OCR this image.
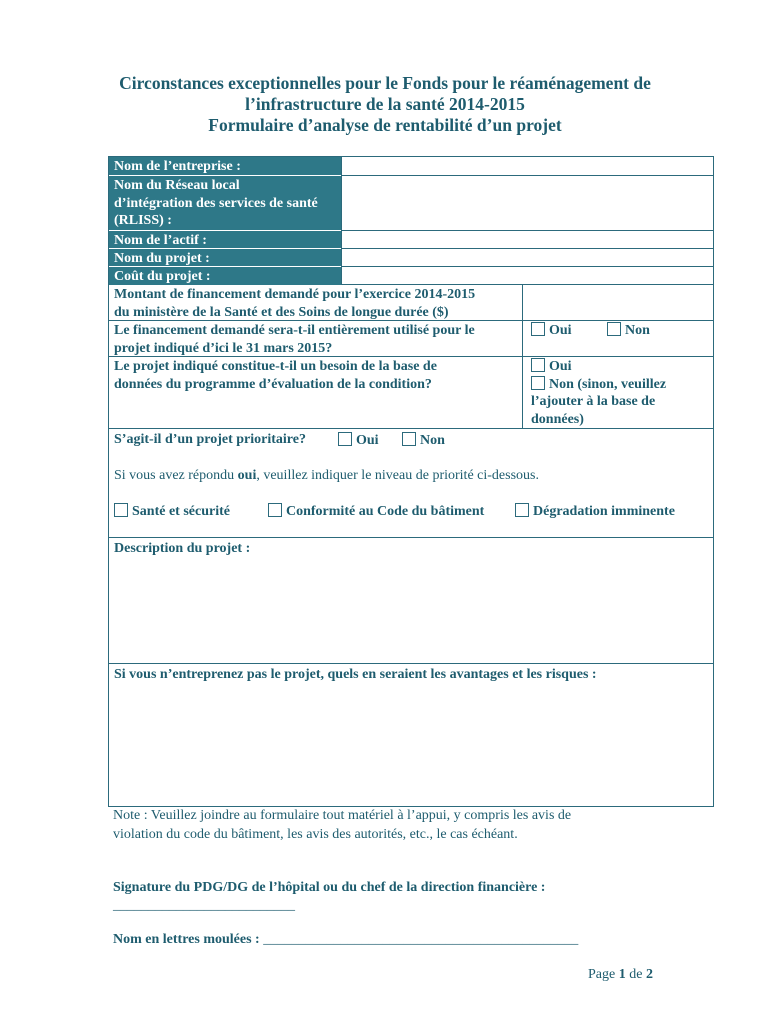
Circonstances exceptionnelles pour le Fonds pour le réaménagement de
l’infrastructure de la santé 2014-2015
Formulaire d’analyse de rentabilité d’un projet
Nom de l’entreprise :
Nom du Réseau local
d’intégration des services de santé
(RLISS) :
Nom de l’actif :
Nom du projet :
Coût du projet :
Montant de financement demandé pour l’exercice 2014-2015
du ministère de la Santé et des Soins de longue durée ($)
Le financement demandé sera-t-il entièrement utilisé pour le
projet indiqué d’ici le 31 mars 2015?
Oui	Non
Le projet indiqué constitue-t-il un besoin de la base de
données du programme d’évaluation de la condition?
Oui
Non (sinon, veuillez
l’ajouter à la base de
données)
S’agit-il d’un projet prioritaire?	Oui	Non
Si vous avez répondu oui, veuillez indiquer le niveau de priorité ci-dessous.
Santé et sécurité	Conformité au Code du bâtiment	Dégradation imminente
Description du projet :
Si vous n’entreprenez pas le projet, quels en seraient les avantages et les risques :
Note : Veuillez joindre au formulaire tout matériel à l’appui, y compris les avis de
violation du code du bâtiment, les avis des autorités, etc., le cas échéant.
Signature du PDG/DG de l’hôpital ou du chef de la direction financière :
__________________________
Nom en lettres moulées : _____________________________________________
Page 1 de 2
